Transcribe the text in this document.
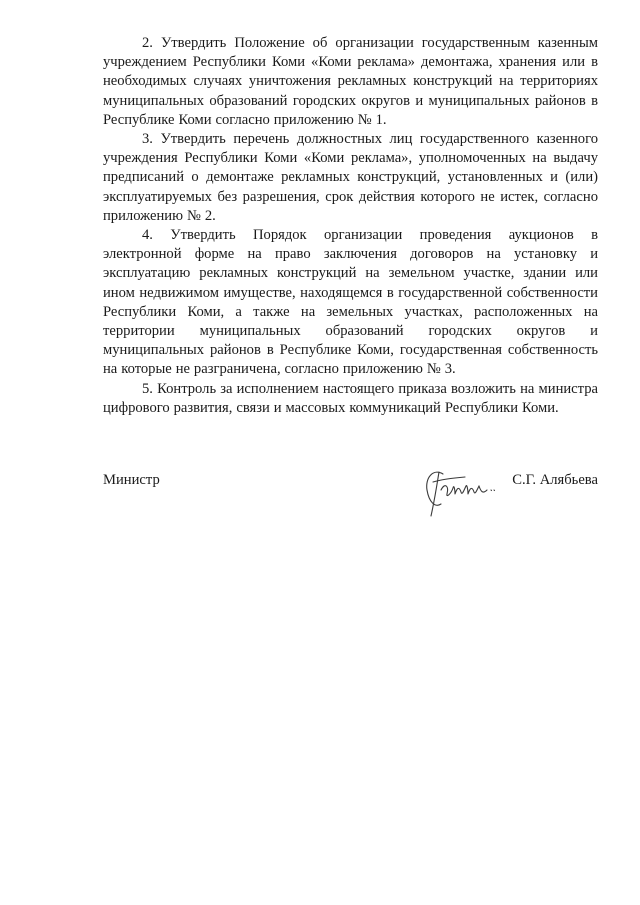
2. Утвердить Положение об организации государственным казенным учреждением Республики Коми «Коми реклама» демонтажа, хранения или в необходимых случаях уничтожения рекламных конструкций на территориях муниципальных образований городских округов и муниципальных районов в Республике Коми согласно приложению № 1.

3. Утвердить перечень должностных лиц государственного казенного учреждения Республики Коми «Коми реклама», уполномоченных на выдачу предписаний о демонтаже рекламных конструкций, установленных и (или) эксплуатируемых без разрешения, срок действия которого не истек, согласно приложению № 2.

4. Утвердить Порядок организации проведения аукционов в электронной форме на право заключения договоров на установку и эксплуатацию рекламных конструкций на земельном участке, здании или ином недвижимом имуществе, находящемся в государственной собственности Республики Коми, а также на земельных участках, расположенных на территории муниципальных образований городских округов и муниципальных районов в Республике Коми, государственная собственность на которые не разграничена, согласно приложению № 3.

5. Контроль за исполнением настоящего приказа возложить на министра цифрового развития, связи и массовых коммуникаций Республики Коми.

Министр	С.Г. Алябьева
